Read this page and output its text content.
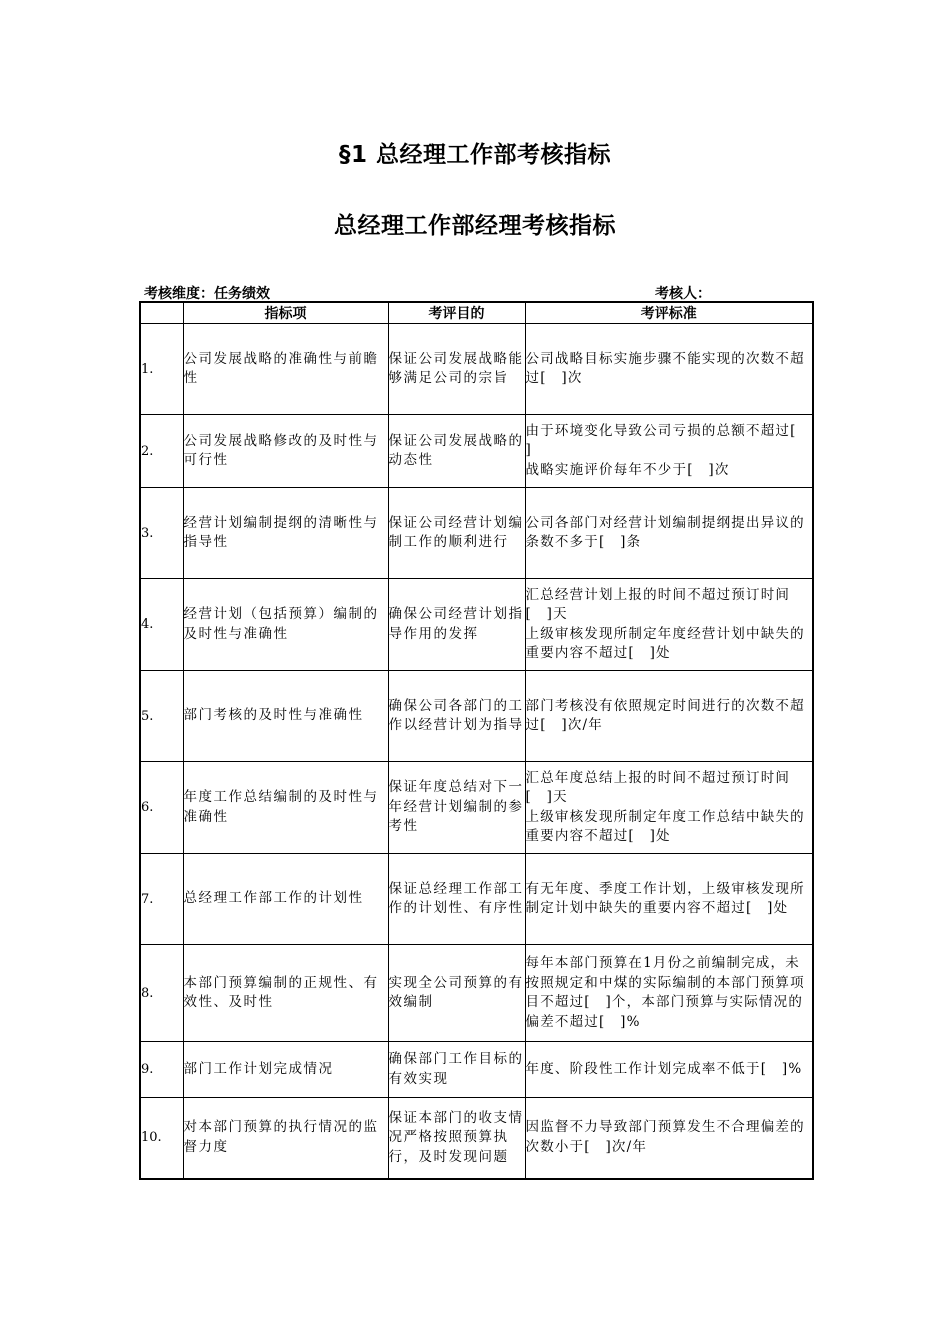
§1 总经理工作部考核指标
总经理工作部经理考核指标
考核维度：任务绩效	考核人：
	指标项	考评目的	考评标准
1.	公司发展战略的准确性与前瞻性	保证公司发展战略能够满足公司的宗旨	公司战略目标实施步骤不能实现的次数不超过[　]次

2.	公司发展战略修改的及时性与可行性	保证公司发展战略的动态性	由于环境变化导致公司亏损的总额不超过[　　]
战略实施评价每年不少于[　]次

3.	经营计划编制提纲的清晰性与指导性	保证公司经营计划编制工作的顺利进行	公司各部门对经营计划编制提纲提出异议的条数不多于[　]条

4.	经营计划（包括预算）编制的及时性与准确性	确保公司经营计划指导作用的发挥	汇总经营计划上报的时间不超过预订时间[　]天
上级审核发现所制定年度经营计划中缺失的重要内容不超过[　]处

5.	部门考核的及时性与准确性	确保公司各部门的工作以经营计划为指导	部门考核没有依照规定时间进行的次数不超过[　]次/年

6.	年度工作总结编制的及时性与准确性	保证年度总结对下一年经营计划编制的参考性	汇总年度总结上报的时间不超过预订时间[　]天
上级审核发现所制定年度工作总结中缺失的重要内容不超过[　]处

7.	总经理工作部工作的计划性	保证总经理工作部工作的计划性、有序性	有无年度、季度工作计划，上级审核发现所制定计划中缺失的重要内容不超过[　]处

8.	本部门预算编制的正规性、有效性、及时性	实现全公司预算的有效编制	每年本部门预算在1月份之前编制完成，未按照规定和中煤的实际编制的本部门预算项目不超过[　]个，本部门预算与实际情况的偏差不超过[　]%

9.	部门工作计划完成情况	确保部门工作目标的有效实现	年度、阶段性工作计划完成率不低于[　]%

10.	对本部门预算的执行情况的监督力度	保证本部门的收支情况严格按照预算执行，及时发现问题	因监督不力导致部门预算发生不合理偏差的次数小于[　]次/年
